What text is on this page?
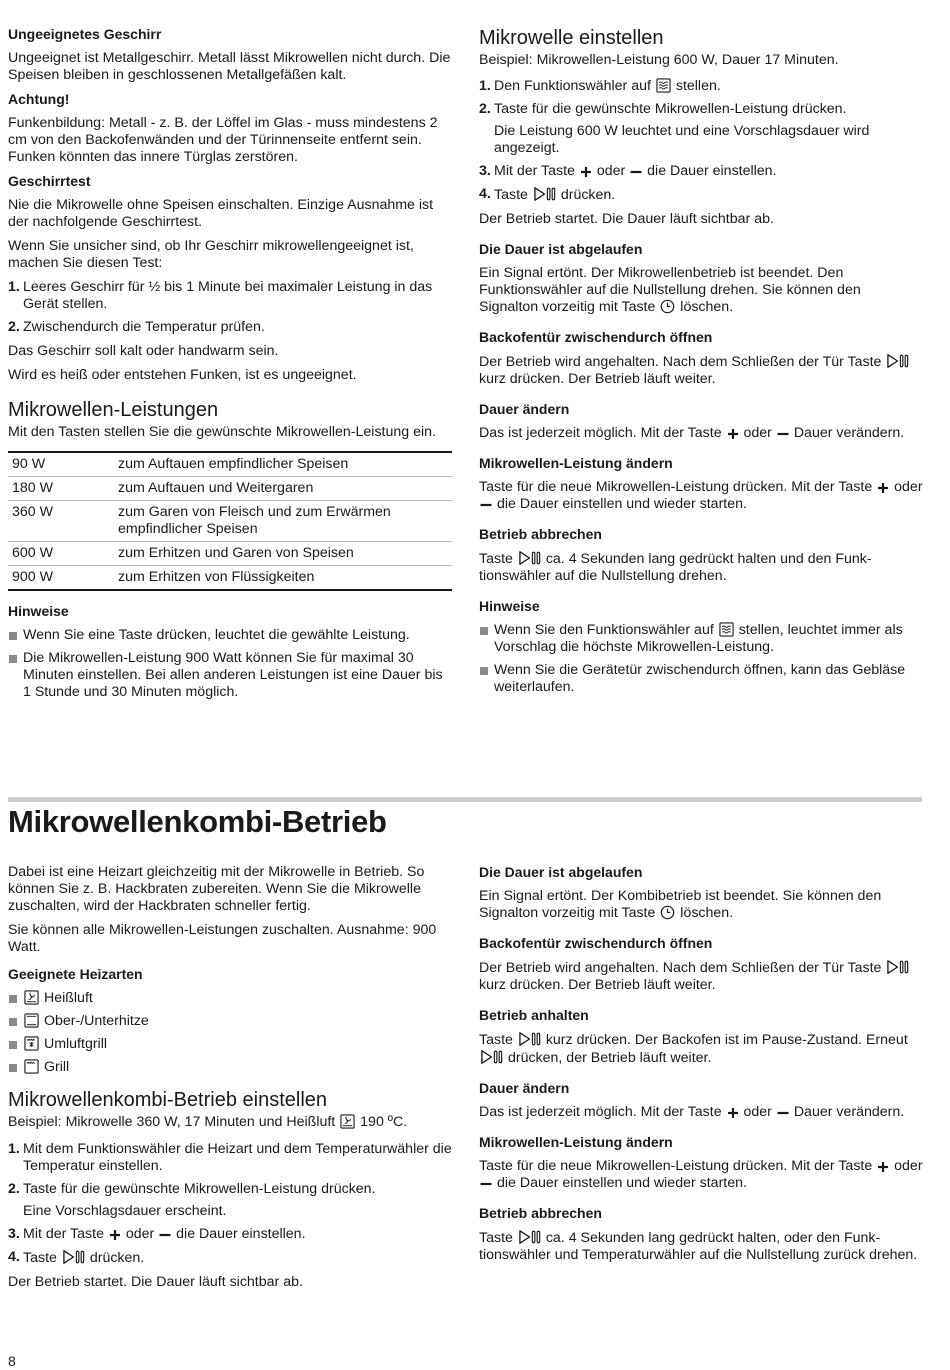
Ungeeignetes Geschirr

Ungeeignet ist Metallgeschirr. Metall lässt Mikrowellen nicht durch. Die Speisen bleiben in geschlossenen Metallgefäßen kalt.

Achtung!

Funkenbildung: Metall - z. B. der Löffel im Glas - muss mindestens 2 cm von den Backofenwänden und der Türinnenseite entfernt sein. Funken könnten das innere Türglas zerstören.

Geschirrtest

Nie die Mikrowelle ohne Speisen einschalten. Einzige Ausnahme ist der nachfolgende Geschirrtest.

Wenn Sie unsicher sind, ob Ihr Geschirr mikrowellengeeignet ist, machen Sie diesen Test:

1. Leeres Geschirr für ½ bis 1 Minute bei maximaler Leistung in das Gerät stellen.
2. Zwischendurch die Temperatur prüfen.

Das Geschirr soll kalt oder handwarm sein.

Wird es heiß oder entstehen Funken, ist es ungeeignet.

Mikrowellen-Leistungen

Mit den Tasten stellen Sie die gewünschte Mikrowellen-Leistung ein.

90 W	zum Auftauen empfindlicher Speisen
180 W	zum Auftauen und Weitergaren
360 W	zum Garen von Fleisch und zum Erwärmen empfindlicher Speisen
600 W	zum Erhitzen und Garen von Speisen
900 W	zum Erhitzen von Flüssigkeiten
Hinweise
Wenn Sie eine Taste drücken, leuchtet die gewählte Leistung.
Die Mikrowellen-Leistung 900 Watt können Sie für maximal 30 Minuten einstellen. Bei allen anderen Leistungen ist eine Dauer bis 1 Stunde und 30 Minuten möglich.
Mikrowelle einstellen

Beispiel: Mikrowellen-Leistung 600 W, Dauer 17 Minuten.

1. Den Funktionswähler auf stellen.
2. Taste für die gewünschte Mikrowellen-Leistung drücken.
Die Leistung 600 W leuchtet und eine Vorschlagsdauer wird angezeigt.
3. Mit der Taste oder die Dauer einstellen.
4. Taste drücken.

Der Betrieb startet. Die Dauer läuft sichtbar ab.

Die Dauer ist abgelaufen

Ein Signal ertönt. Der Mikrowellenbetrieb ist beendet. Den Funktionswähler auf die Nullstellung drehen. Sie können den Signalton vorzeitig mit Taste löschen.

Backofentür zwischendurch öffnen

Der Betrieb wird angehalten. Nach dem Schließen der Tür Taste
kurz drücken. Der Betrieb läuft weiter.

Dauer ändern

Das ist jederzeit möglich. Mit der Taste oder Dauer verändern.

Mikrowellen-Leistung ändern

Taste für die neue Mikrowellen-Leistung drücken. Mit der Taste oder
die Dauer einstellen und wieder starten.

Betrieb abbrechen

Taste ca. 4 Sekunden lang gedrückt halten und den Funktionswähler auf die Nullstellung drehen.

Hinweise
Wenn Sie den Funktionswähler auf stellen, leuchtet immer als Vorschlag die höchste Mikrowellen-Leistung.
Wenn Sie die Gerätetür zwischendurch öffnen, kann das Gebläse weiterlaufen.
Mikrowellenkombi-Betrieb

Dabei ist eine Heizart gleichzeitig mit der Mikrowelle in Betrieb. So können Sie z. B. Hackbraten zubereiten. Wenn Sie die Mikrowelle zuschalten, wird der Hackbraten schneller fertig.

Sie können alle Mikrowellen-Leistungen zuschalten. Ausnahme: 900 Watt.

Geeignete Heizarten
Heißluft
Ober-/Unterhitze
Umluftgrill
Grill
Mikrowellenkombi-Betrieb einstellen

Beispiel: Mikrowelle 360 W, 17 Minuten und Heißluft 190 ºC.

1. Mit dem Funktionswähler die Heizart und dem Temperaturwähler die Temperatur einstellen.
2. Taste für die gewünschte Mikrowellen-Leistung drücken.
Eine Vorschlagsdauer erscheint.
3. Mit der Taste oder die Dauer einstellen.
4. Taste drücken.

Der Betrieb startet. Die Dauer läuft sichtbar ab.

Die Dauer ist abgelaufen

Ein Signal ertönt. Der Kombibetrieb ist beendet. Sie können den Signalton vorzeitig mit Taste löschen.

Backofentür zwischendurch öffnen

Der Betrieb wird angehalten. Nach dem Schließen der Tür Taste
kurz drücken. Der Betrieb läuft weiter.

Betrieb anhalten

Taste kurz drücken. Der Backofen ist im Pause-Zustand. Erneut
drücken, der Betrieb läuft weiter.

Dauer ändern

Das ist jederzeit möglich. Mit der Taste oder Dauer verändern.

Mikrowellen-Leistung ändern

Taste für die neue Mikrowellen-Leistung drücken. Mit der Taste oder
die Dauer einstellen und wieder starten.

Betrieb abbrechen

Taste ca. 4 Sekunden lang gedrückt halten, oder den Funktionswähler und Temperaturwähler auf die Nullstellung zurück drehen.

8
